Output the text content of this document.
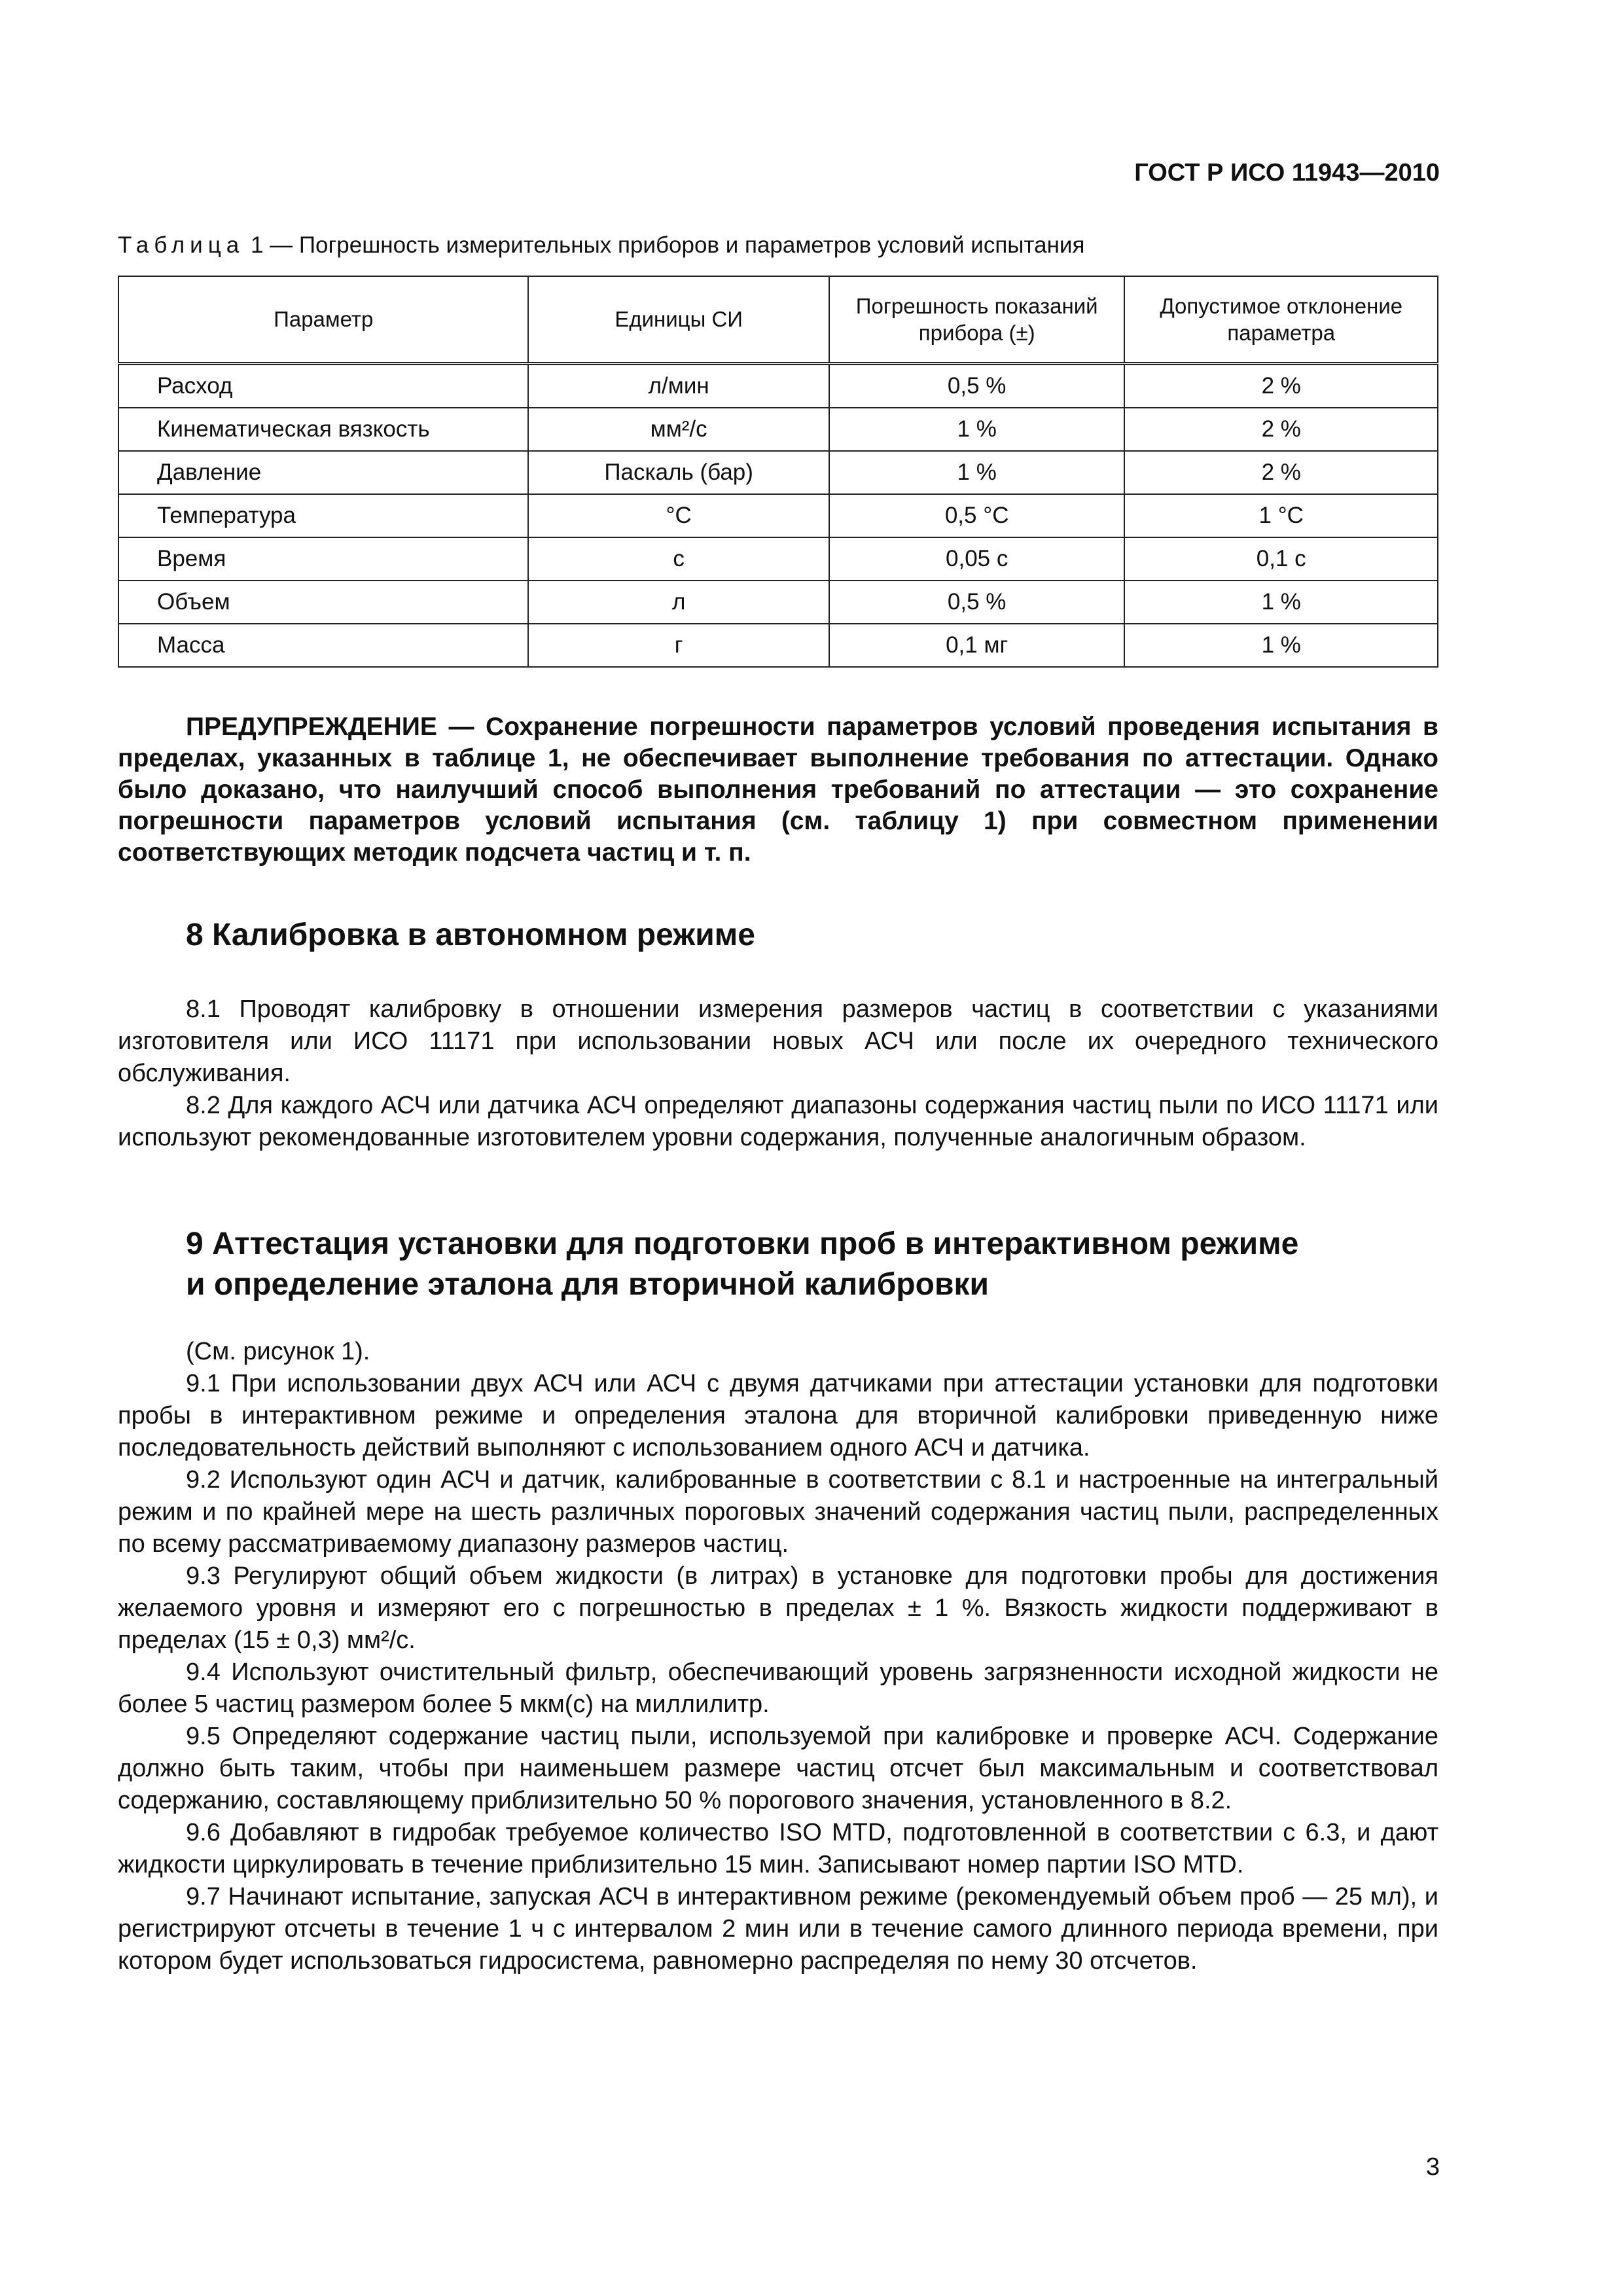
ГОСТ Р ИСО 11943—2010
Таблица 1 — Погрешность измерительных приборов и параметров условий испытания
Параметр	Единицы СИ	Погрешность показаний прибора (±)	Допустимое отклонение параметра
Расход	л/мин	0,5 %	2 %
Кинематическая вязкость	мм²/с	1 %	2 %
Давление	Паскаль (бар)	1 %	2 %
Температура	°С	0,5 °С	1 °С
Время	с	0,05 с	0,1 с
Объем	л	0,5 %	1 %
Масса	г	0,1 мг	1 %
ПРЕДУПРЕЖДЕНИЕ — Сохранение погрешности параметров условий проведения испытания в пределах, указанных в таблице 1, не обеспечивает выполнение требования по аттестации. Однако было доказано, что наилучший способ выполнения требований по аттестации — это сохранение погрешности параметров условий испытания (см. таблицу 1) при совместном применении соответствующих методик подсчета частиц и т. п.
8 Калибровка в автономном режиме

8.1 Проводят калибровку в отношении измерения размеров частиц в соответствии с указаниями изготовителя или ИСО 11171 при использовании новых АСЧ или после их очередного технического обслуживания.

8.2 Для каждого АСЧ или датчика АСЧ определяют диапазоны содержания частиц пыли по ИСО 11171 или используют рекомендованные изготовителем уровни содержания, полученные аналогичным образом.

9 Аттестация установки для подготовки проб в интерактивном режиме
и определение эталона для вторичной калибровки

(См. рисунок 1).

9.1 При использовании двух АСЧ или АСЧ с двумя датчиками при аттестации установки для подготовки пробы в интерактивном режиме и определения эталона для вторичной калибровки приведенную ниже последовательность действий выполняют с использованием одного АСЧ и датчика.

9.2 Используют один АСЧ и датчик, калиброванные в соответствии с 8.1 и настроенные на интегральный режим и по крайней мере на шесть различных пороговых значений содержания частиц пыли, распределенных по всему рассматриваемому диапазону размеров частиц.

9.3 Регулируют общий объем жидкости (в литрах) в установке для подготовки пробы для достижения желаемого уровня и измеряют его с погрешностью в пределах ± 1 %. Вязкость жидкости поддерживают в пределах (15 ± 0,3) мм²/с.

9.4 Используют очистительный фильтр, обеспечивающий уровень загрязненности исходной жидкости не более 5 частиц размером более 5 мкм(с) на миллилитр.

9.5 Определяют содержание частиц пыли, используемой при калибровке и проверке АСЧ. Содержание должно быть таким, чтобы при наименьшем размере частиц отсчет был максимальным и соответствовал содержанию, составляющему приблизительно 50 % порогового значения, установленного в 8.2.

9.6 Добавляют в гидробак требуемое количество ISO MTD, подготовленной в соответствии с 6.3, и дают жидкости циркулировать в течение приблизительно 15 мин. Записывают номер партии ISO MTD.

9.7 Начинают испытание, запуская АСЧ в интерактивном режиме (рекомендуемый объем проб — 25 мл), и регистрируют отсчеты в течение 1 ч с интервалом 2 мин или в течение самого длинного периода времени, при котором будет использоваться гидросистема, равномерно распределяя по нему 30 отсчетов.

3
